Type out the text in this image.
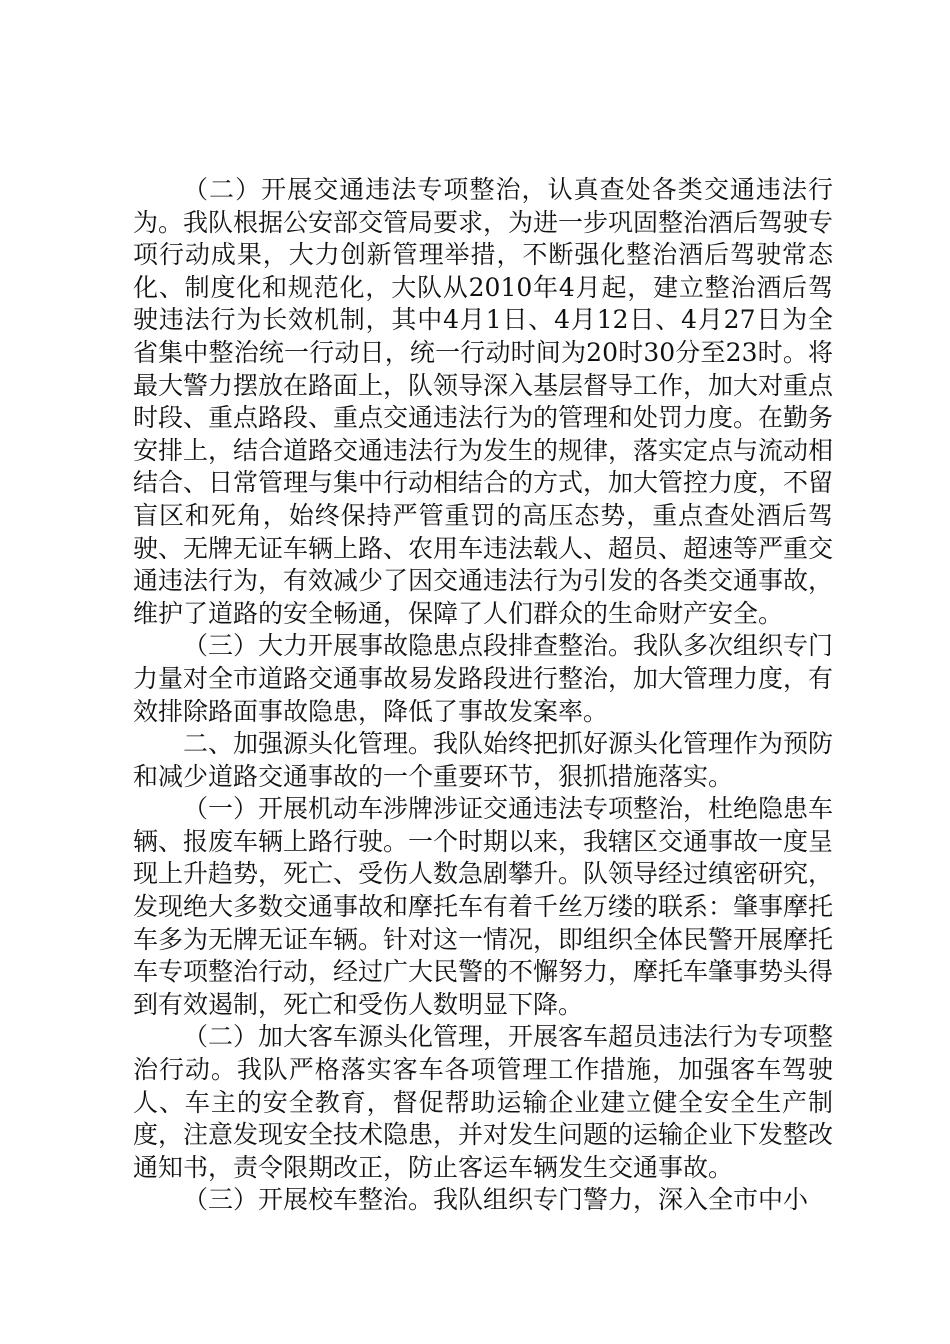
（二）开展交通违法专项整治，认真查处各类交通违法行为。我队根据公安部交管局要求，为进一步巩固整治酒后驾驶专项行动成果，大力创新管理举措，不断强化整治酒后驾驶常态化、制度化和规范化，大队从2010年4月起，建立整治酒后驾驶违法行为长效机制，其中4月1日、4月12日、4月27日为全省集中整治统一行动日，统一行动时间为20时30分至23时。将最大警力摆放在路面上，队领导深入基层督导工作，加大对重点时段、重点路段、重点交通违法行为的管理和处罚力度。在勤务安排上，结合道路交通违法行为发生的规律，落实定点与流动相结合、日常管理与集中行动相结合的方式，加大管控力度，不留盲区和死角，始终保持严管重罚的高压态势，重点查处酒后驾驶、无牌无证车辆上路、农用车违法载人、超员、超速等严重交通违法行为，有效减少了因交通违法行为引发的各类交通事故，维护了道路的安全畅通，保障了人们群众的生命财产安全。

（三）大力开展事故隐患点段排查整治。我队多次组织专门力量对全市道路交通事故易发路段进行整治，加大管理力度，有效排除路面事故隐患，降低了事故发案率。

二、加强源头化管理。我队始终把抓好源头化管理作为预防和减少道路交通事故的一个重要环节，狠抓措施落实。

（一）开展机动车涉牌涉证交通违法专项整治，杜绝隐患车辆、报废车辆上路行驶。一个时期以来，我辖区交通事故一度呈现上升趋势，死亡、受伤人数急剧攀升。队领导经过缜密研究，发现绝大多数交通事故和摩托车有着千丝万缕的联系：肇事摩托车多为无牌无证车辆。针对这一情况，即组织全体民警开展摩托车专项整治行动，经过广大民警的不懈努力，摩托车肇事势头得到有效遏制，死亡和受伤人数明显下降。

（二）加大客车源头化管理，开展客车超员违法行为专项整治行动。我队严格落实客车各项管理工作措施，加强客车驾驶人、车主的安全教育，督促帮助运输企业建立健全安全生产制度，注意发现安全技术隐患，并对发生问题的运输企业下发整改通知书，责令限期改正，防止客运车辆发生交通事故。

（三）开展校车整治。我队组织专门警力，深入全市中小
